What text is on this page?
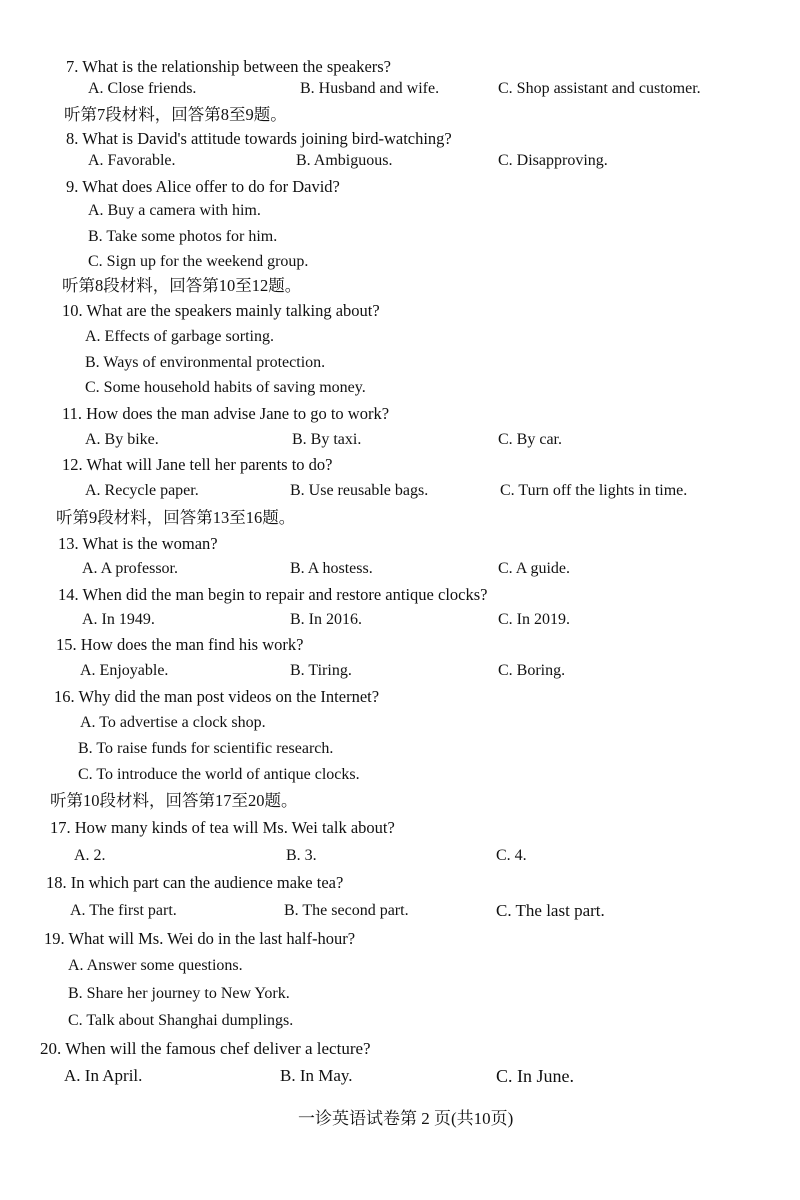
7. What is the relationship between the speakers?
A. Close friends.	B. Husband and wife.	C. Shop assistant and customer.
听第7段材料，回答第8至9题。
8. What is David's attitude towards joining bird-watching?
A. Favorable.	B. Ambiguous.	C. Disapproving.
9. What does Alice offer to do for David?
A. Buy a camera with him.
B. Take some photos for him.
C. Sign up for the weekend group.
听第8段材料，回答第10至12题。
10. What are the speakers mainly talking about?
A. Effects of garbage sorting.
B. Ways of environmental protection.
C. Some household habits of saving money.
11. How does the man advise Jane to go to work?
A. By bike.	B. By taxi.	C. By car.
12. What will Jane tell her parents to do?
A. Recycle paper.	B. Use reusable bags.	C. Turn off the lights in time.
听第9段材料，回答第13至16题。
13. What is the woman?
A. A professor.	B. A hostess.	C. A guide.
14. When did the man begin to repair and restore antique clocks?
A. In 1949.	B. In 2016.	C. In 2019.
15. How does the man find his work?
A. Enjoyable.	B. Tiring.	C. Boring.
16. Why did the man post videos on the Internet?
A. To advertise a clock shop.
B. To raise funds for scientific research.
C. To introduce the world of antique clocks.
听第10段材料，回答第17至20题。
17. How many kinds of tea will Ms. Wei talk about?
A. 2.	B. 3.	C. 4.
18. In which part can the audience make tea?
A. The first part.	B. The second part.	C. The last part.
19. What will Ms. Wei do in the last half-hour?
A. Answer some questions.
B. Share her journey to New York.
C. Talk about Shanghai dumplings.
20. When will the famous chef deliver a lecture?
A. In April.	B. In May.	C. In June.
一诊英语试卷第 2 页(共10页)
